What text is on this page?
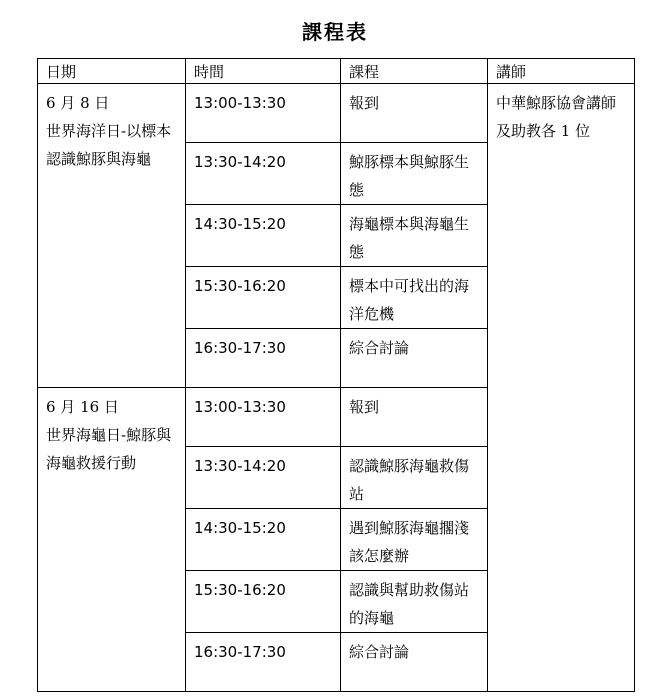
課程表
日期	時間	課程	講師

6 月 8 日
世界海洋日-以標本認識鯨豚與海龜	13:00-13:30	報到	中華鯨豚協會講師及助教各 1 位
	13:30-14:20	鯨豚標本與鯨豚生態	
	14:30-15:20	海龜標本與海龜生態	
	15:30-16:20	標本中可找出的海洋危機	
	16:30-17:30	綜合討論	

6 月 16 日
世界海龜日-鯨豚與海龜救援行動	13:00-13:30	報到	
	13:30-14:20	認識鯨豚海龜救傷站	
	14:30-15:20	遇到鯨豚海龜擱淺該怎麼辦	
	15:30-16:20	認識與幫助救傷站的海龜	
	16:30-17:30	綜合討論	
